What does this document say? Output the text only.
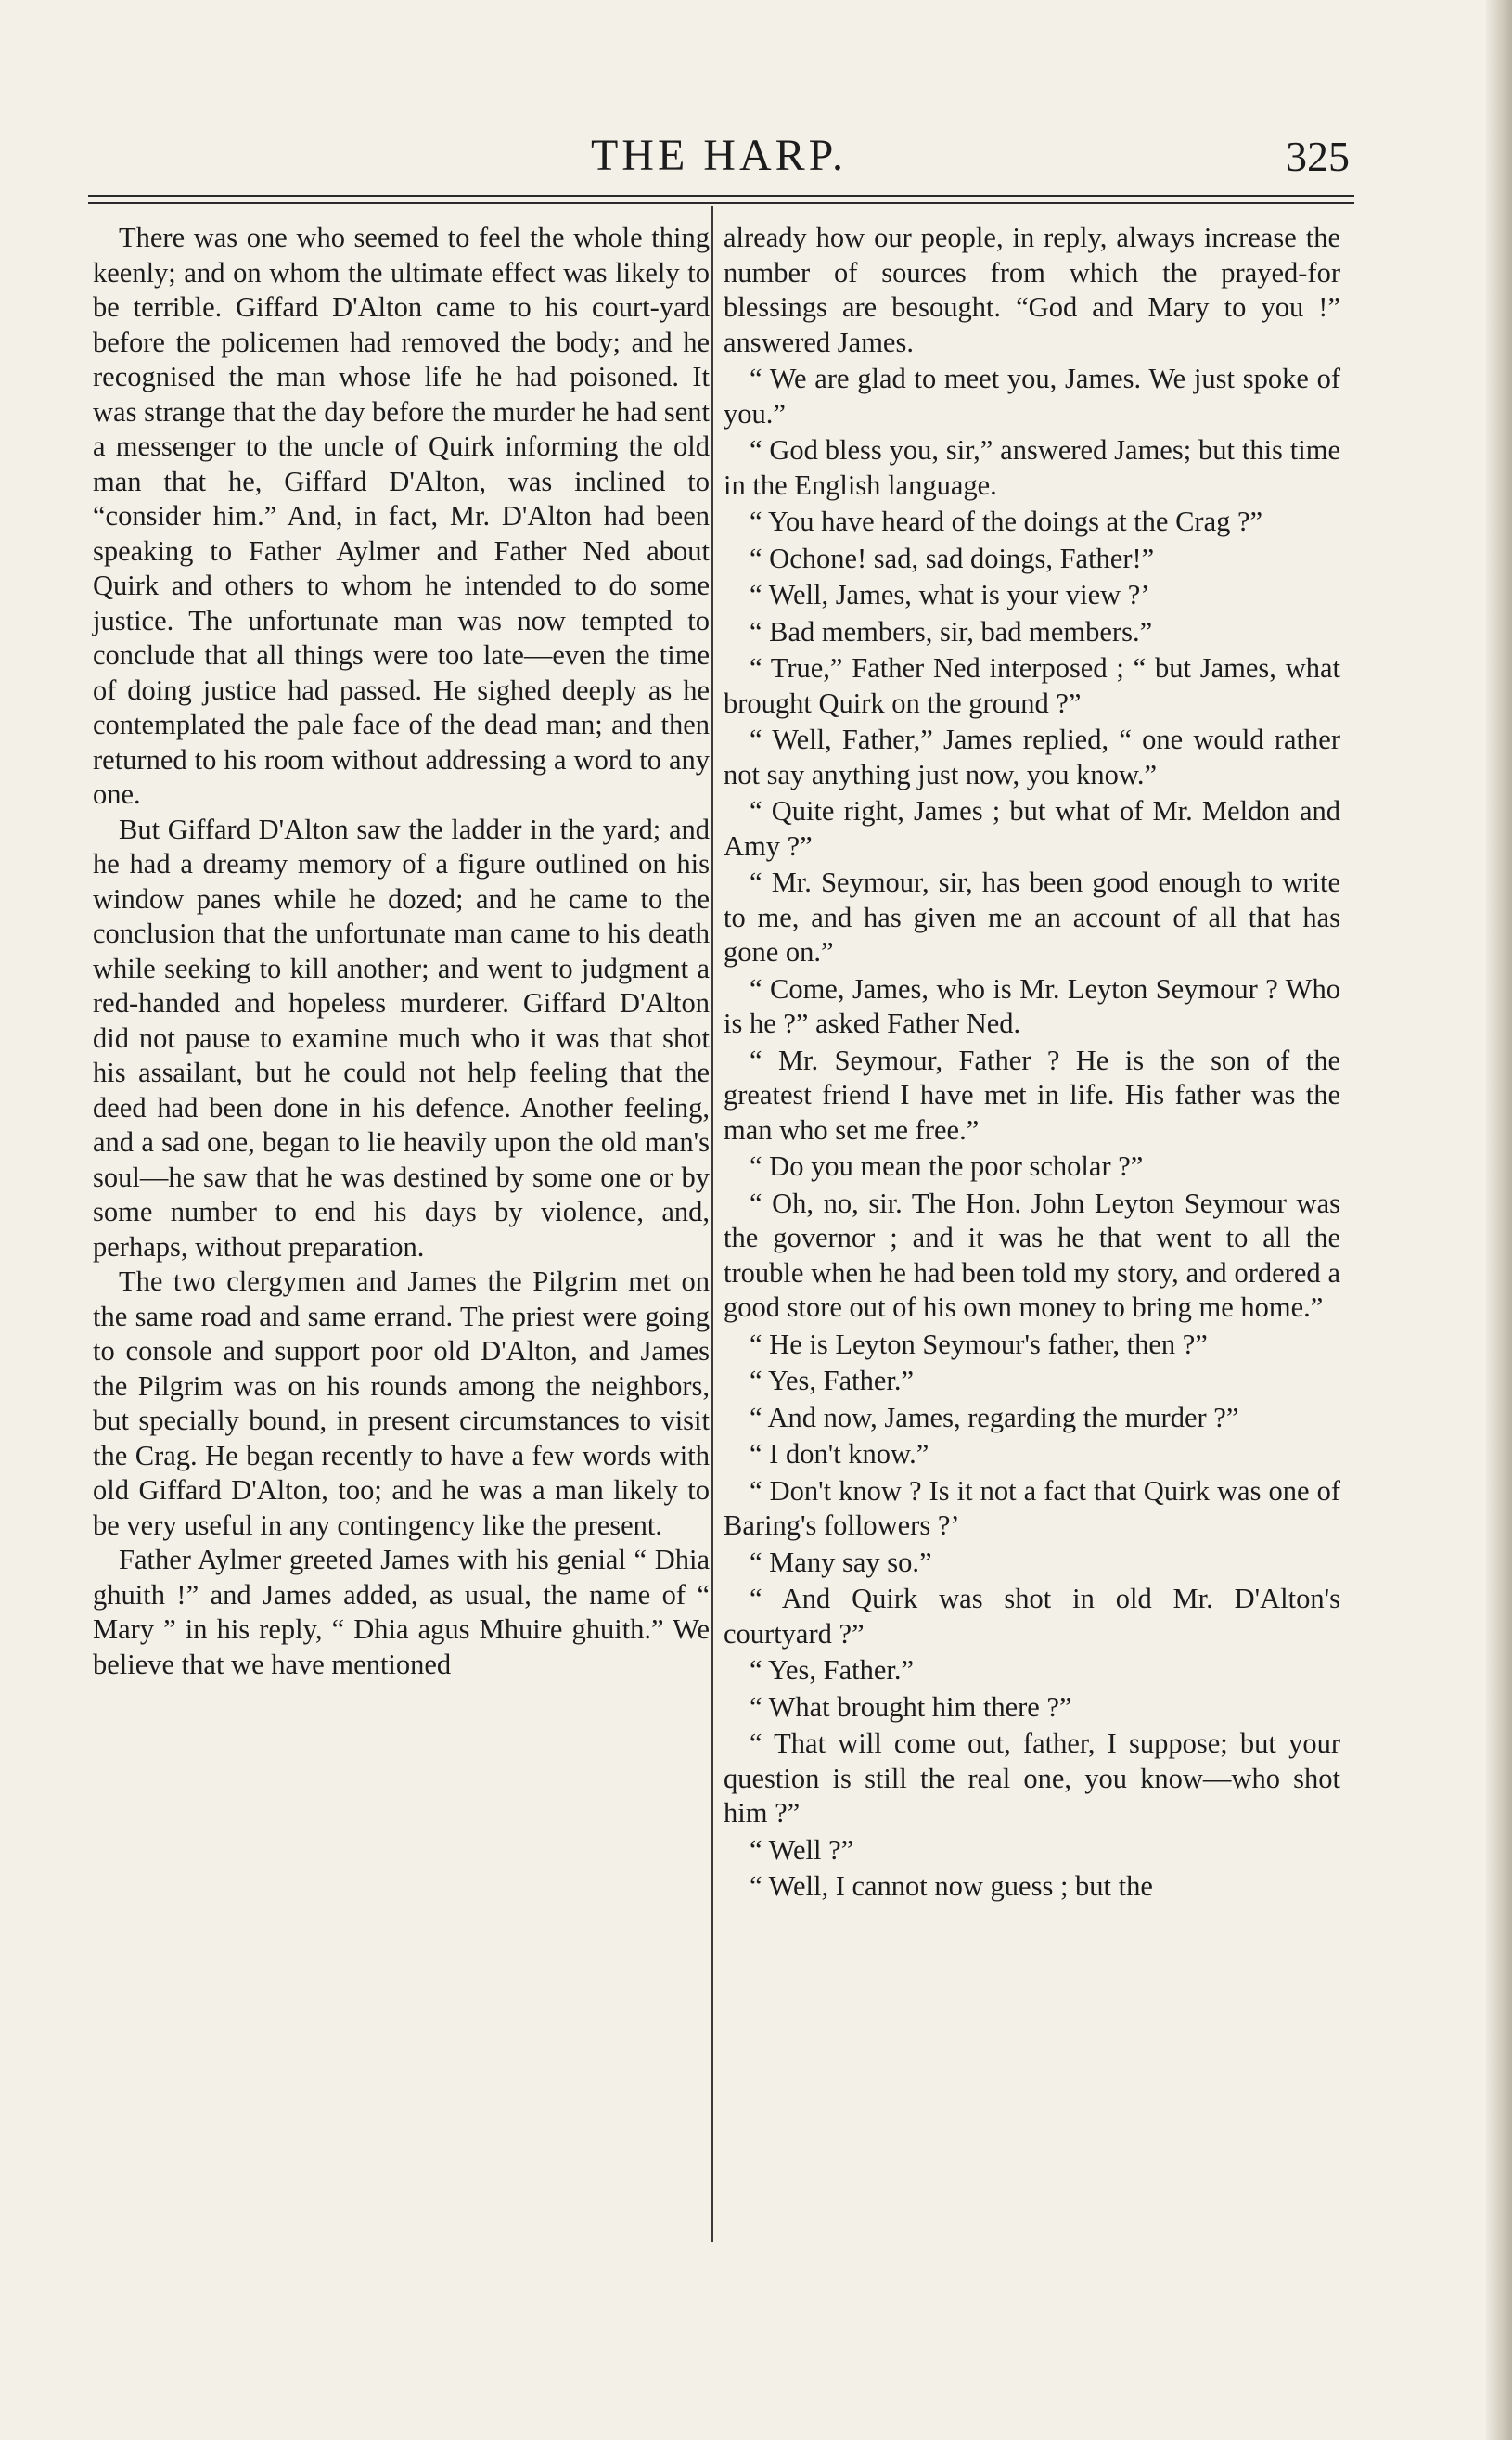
THE HARP.	325

There was one who seemed to feel the whole thing keenly; and on whom the ultimate effect was likely to be terrible. Giffard D'Alton came to his court-yard before the policemen had removed the body; and he recognised the man whose life he had poisoned. It was strange that the day before the murder he had sent a messenger to the uncle of Quirk informing the old man that he, Giffard D'Alton, was inclined to “consider him.” And, in fact, Mr. D'Alton had been speaking to Father Aylmer and Father Ned about Quirk and others to whom he intended to do some justice. The unfortunate man was now tempted to conclude that all things were too late—even the time of doing justice had passed. He sighed deeply as he contemplated the pale face of the dead man; and then returned to his room without addressing a word to any one.

But Giffard D'Alton saw the ladder in the yard; and he had a dreamy memory of a figure outlined on his window panes while he dozed; and he came to the conclusion that the unfortunate man came to his death while seeking to kill another; and went to judgment a red-handed and hopeless murderer. Giffard D'Alton did not pause to examine much who it was that shot his assailant, but he could not help feeling that the deed had been done in his defence. Another feeling, and a sad one, began to lie heavily upon the old man's soul—he saw that he was destined by some one or by some number to end his days by violence, and, perhaps, without preparation.

The two clergymen and James the Pilgrim met on the same road and same errand. The priest were going to console and support poor old D'Alton, and James the Pilgrim was on his rounds among the neighbors, but specially bound, in present circumstances to visit the Crag. He began recently to have a few words with old Giffard D'Alton, too; and he was a man likely to be very useful in any contingency like the present.

Father Aylmer greeted James with his genial “ Dhia ghuith !” and James added, as usual, the name of “ Mary ” in his reply, “ Dhia agus Mhuire ghuith.” We believe that we have mentioned

already how our people, in reply, always increase the number of sources from which the prayed-for blessings are besought. “God and Mary to you !” answered James.

“ We are glad to meet you, James. We just spoke of you.”

“ God bless you, sir,” answered James; but this time in the English language.

“ You have heard of the doings at the Crag ?”

“ Ochone! sad, sad doings, Father!”

“ Well, James, what is your view ?’

“ Bad members, sir, bad members.”

“ True,” Father Ned interposed ; “ but James, what brought Quirk on the ground ?”

“ Well, Father,” James replied, “ one would rather not say anything just now, you know.”

“ Quite right, James ; but what of Mr. Meldon and Amy ?”

“ Mr. Seymour, sir, has been good enough to write to me, and has given me an account of all that has gone on.”

“ Come, James, who is Mr. Leyton Seymour ? Who is he ?” asked Father Ned.

“ Mr. Seymour, Father ? He is the son of the greatest friend I have met in life. His father was the man who set me free.”

“ Do you mean the poor scholar ?”

“ Oh, no, sir. The Hon. John Leyton Seymour was the governor ; and it was he that went to all the trouble when he had been told my story, and ordered a good store out of his own money to bring me home.”

“ He is Leyton Seymour's father, then ?”

“ Yes, Father.”

“ And now, James, regarding the murder ?”

“ I don't know.”

“ Don't know ? Is it not a fact that Quirk was one of Baring's followers ?’

“ Many say so.”

“ And Quirk was shot in old Mr. D'Alton's courtyard ?”

“ Yes, Father.”

“ What brought him there ?”

“ That will come out, father, I suppose; but your question is still the real one, you know—who shot him ?”

“ Well ?”

“ Well, I cannot now guess ; but the
